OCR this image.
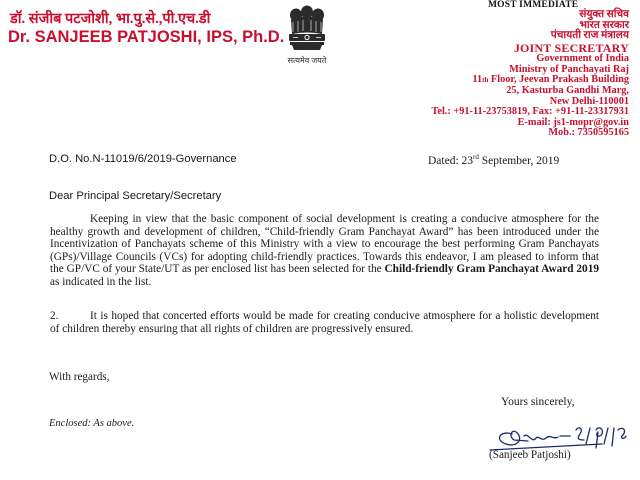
डॉ. संजीब पटजोशी, भा.पु.से.,पी.एच.डी
Dr. SANJEEB PATJOSHI, IPS, Ph.D.
सत्यमेव जयते
MOST IMMEDIATE
संयुक्त सचिव
भारत सरकार
पंचायती राज मंत्रालय
JOINT SECRETARY
Government of India
Ministry of Panchayati Raj
11th Floor, Jeevan Prakash Building
25, Kasturba Gandhi Marg,
New Delhi-110001
Tel.: +91-11-23753819, Fax: +91-11-23317931
E-mail: js1-mopr@gov.in
Mob.: 7350595165
D.O. No.N-11019/6/2019-Governance	Dated: 23rd September, 2019
Dear Principal Secretary/Secretary
Keeping in view that the basic component of social development is creating a conducive atmosphere for the healthy growth and development of children, “Child-friendly Gram Panchayat Award” has been introduced under the Incentivization of Panchayats scheme of this Ministry with a view to encourage the best performing Gram Panchayats (GPs)/Village Councils (VCs) for adopting child-friendly practices. Towards this endeavor, I am pleased to inform that the GP/VC of your State/UT as per enclosed list has been selected for the Child-friendly Gram Panchayat Award 2019 as indicated in the list.
2.	It is hoped that concerted efforts would be made for creating conducive atmosphere for a holistic development of children thereby ensuring that all rights of children are progressively ensured.
With regards,
Yours sincerely,
(Sanjeeb Patjoshi)
Enclosed: As above.
